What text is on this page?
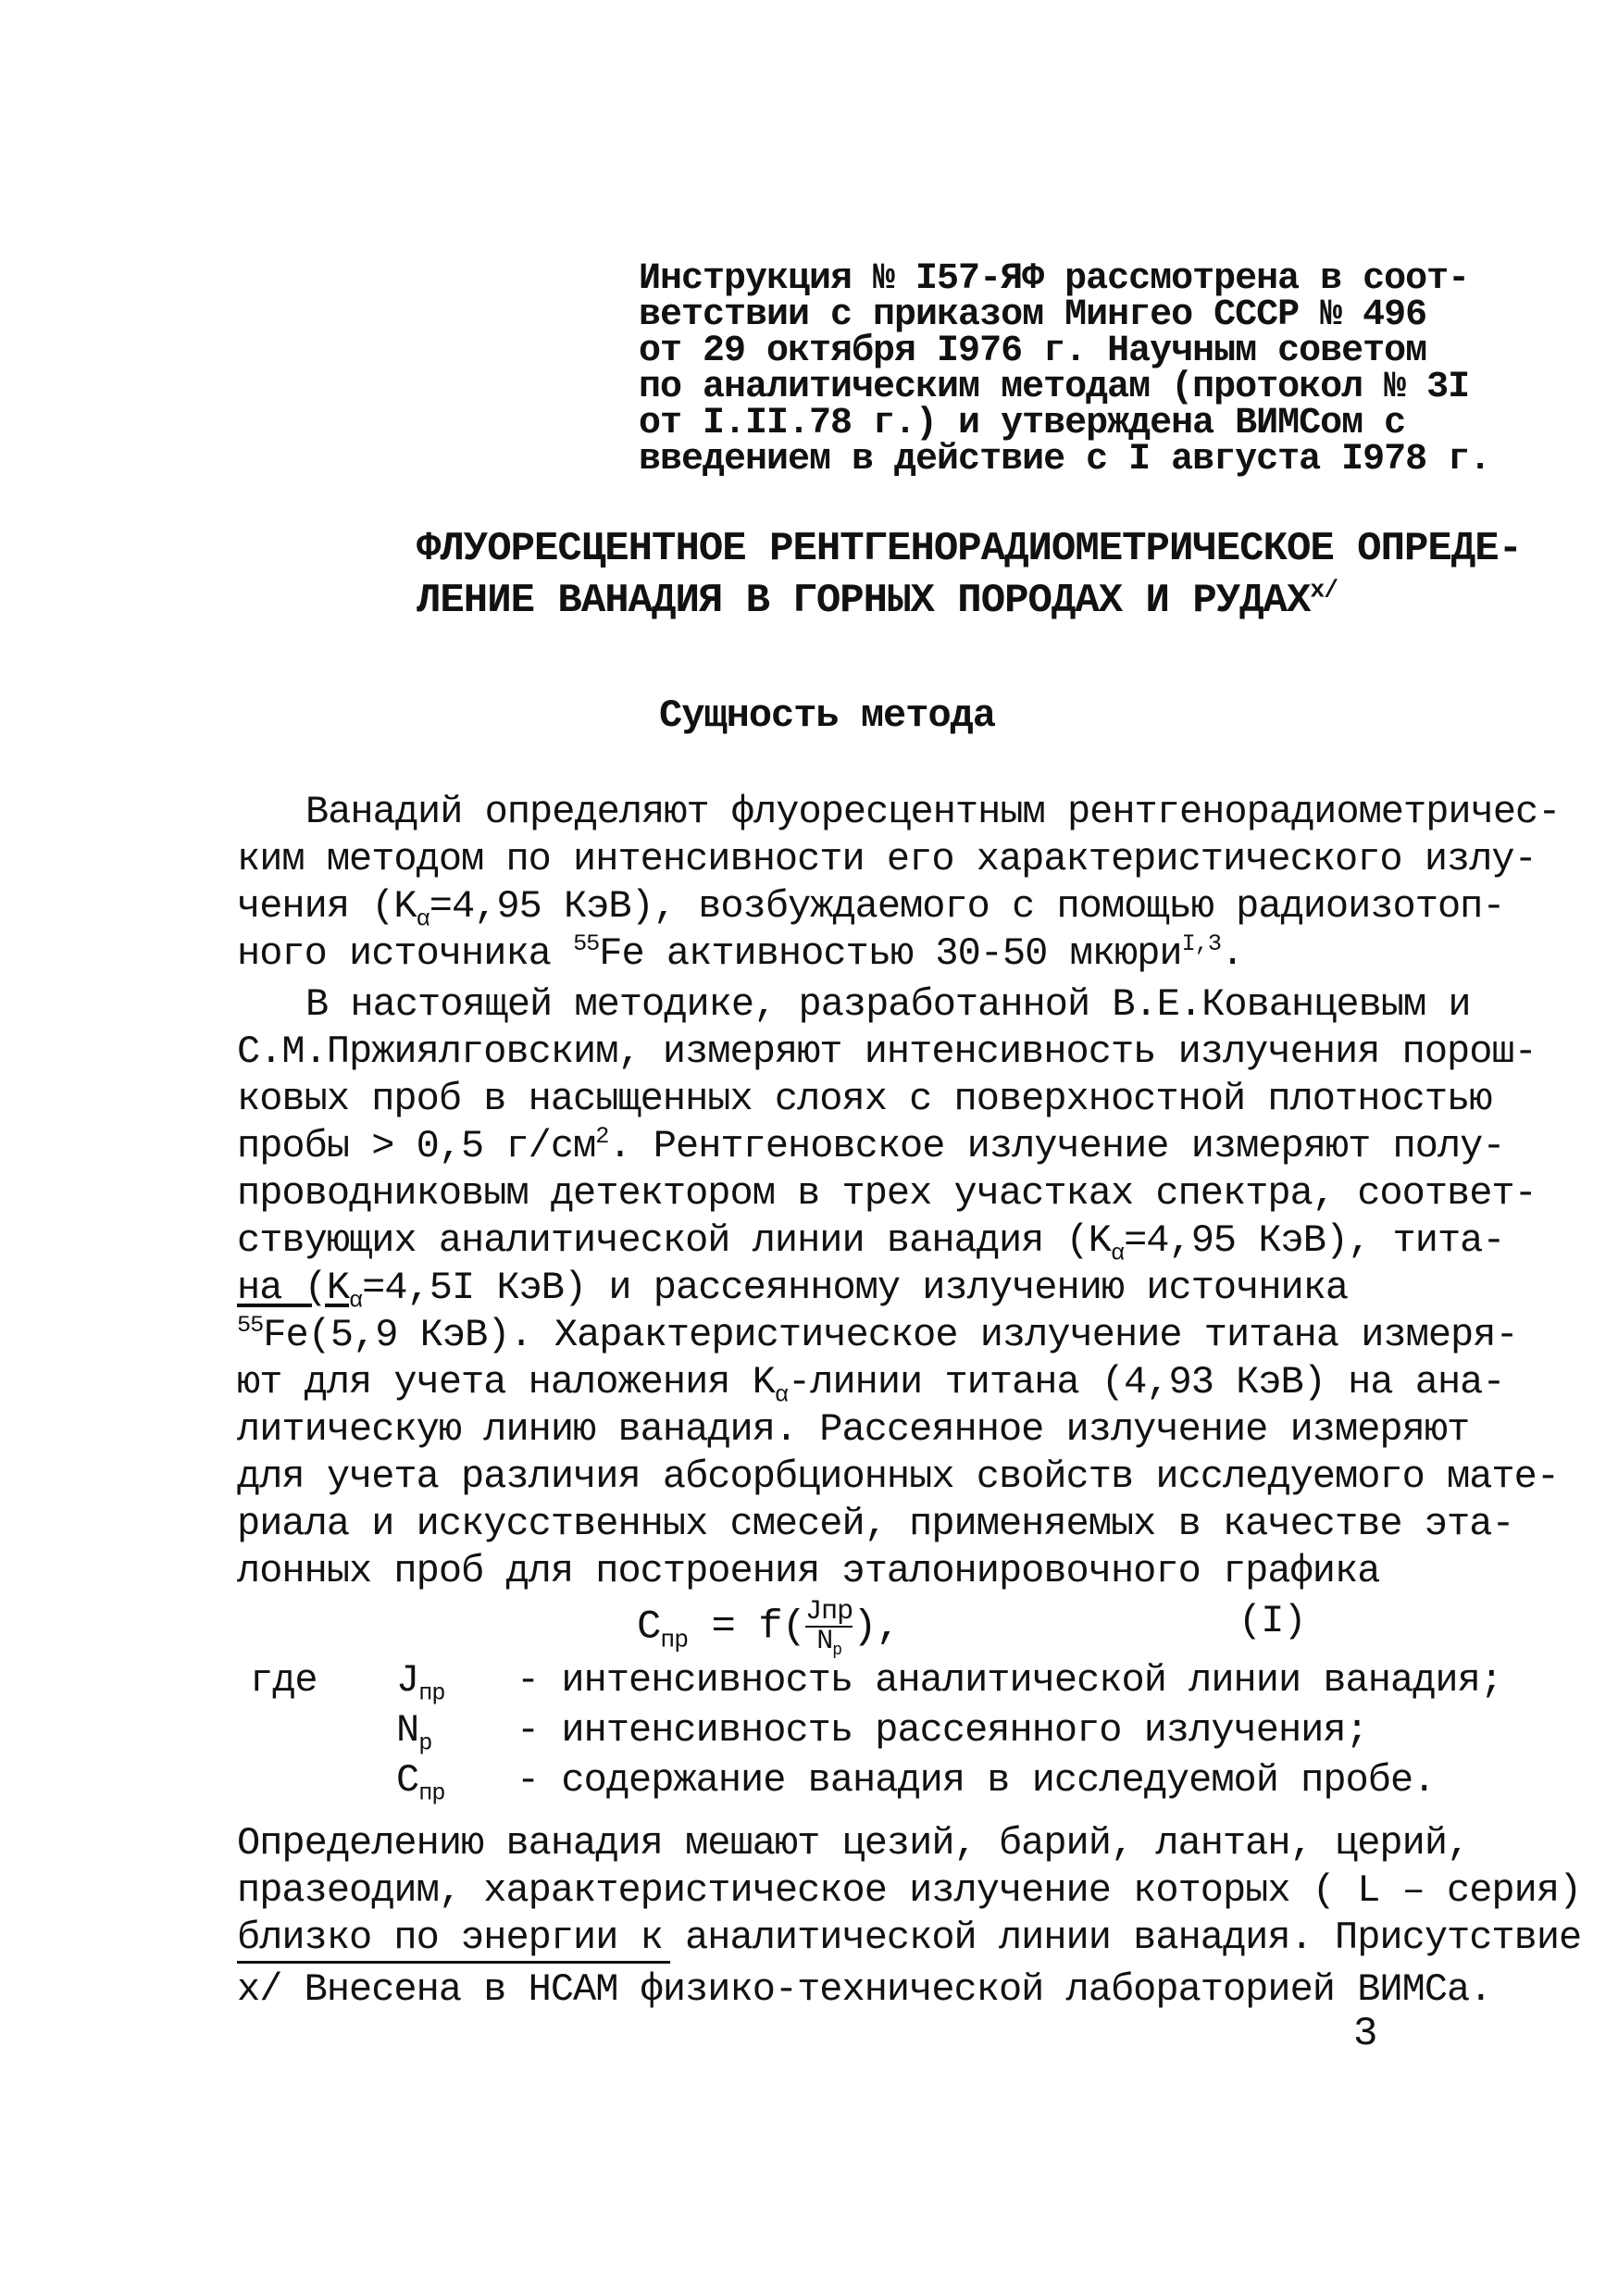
Инструкция № I57-ЯФ рассмотрена в соот-
ветствии с приказом Мингео СССР № 496
от 29 октября I976 г. Научным советом
по аналитическим методам (протокол № 3I
от I.II.78 г.) и утверждена ВИМСом с
введением в действие с I августа I978 г.
ФЛУОРЕСЦЕНТНОЕ РЕНТГЕНОРАДИОМЕТРИЧЕСКОЕ ОПРЕДЕ-
ЛЕНИЕ ВАНАДИЯ В ГОРНЫХ ПОРОДАХ И $РУДАХ^{x/}$
Сущность метода
Ванадий определяют флуоресцентным рентгенорадиометричес-
ким методом по интенсивности его характеристического излу-
чения ($K_\alpha=4,95$ КэВ), возбуждаемого с помощью радиоизотоп-
ного источника $^{55}$Fe активностью 30-50 мкюри$^{I,3}$.
В настоящей методике, разработанной В.Е.Кованцевым и
С.М.Пржиялговским, измеряют интенсивность излучения порош-
ковых проб в насыщенных слоях с поверхностной плотностью
пробы > 0,5 $г/см^2$. Рентгеновское излучение измеряют полу-
проводниковым детектором в трех участках спектра, соответ-
ствующих аналитической линии ванадия ($K_\alpha=4,95$ КэВ), тита-
на ($K_\alpha=4,5I$ КэВ) и рассеянному излучению источника
$^{55}$Fe(5,9 КэВ). Характеристическое излучение титана измеря-
ют для учета наложения $K_\alpha$-линии титана (4,93 КэВ) на ана-
литическую линию ванадия. Рассеянное излучение измеряют
для учета различия абсорбционных свойств исследуемого мате-
риала и искусственных смесей, применяемых в качестве эта-
лонных проб для построения эталонировочного графика
$C_{пр} = f$( Jпр
$N_р$
),	(I)
где $J_{пр}$ - интенсивность аналитической линии ванадия;
$N_р$ - интенсивность рассеянного излучения;
$C_{пр}$ - содержание ванадия в исследуемой пробе.
Определению ванадия мешают цезий, барий, лантан, церий,
празеодим, характеристическое излучение которых ( L – серия)
близко по энергии к аналитической линии ванадия. Присутствие
x/ Внесена в НСАМ физико-технической лабораторией ВИМСа.
3
